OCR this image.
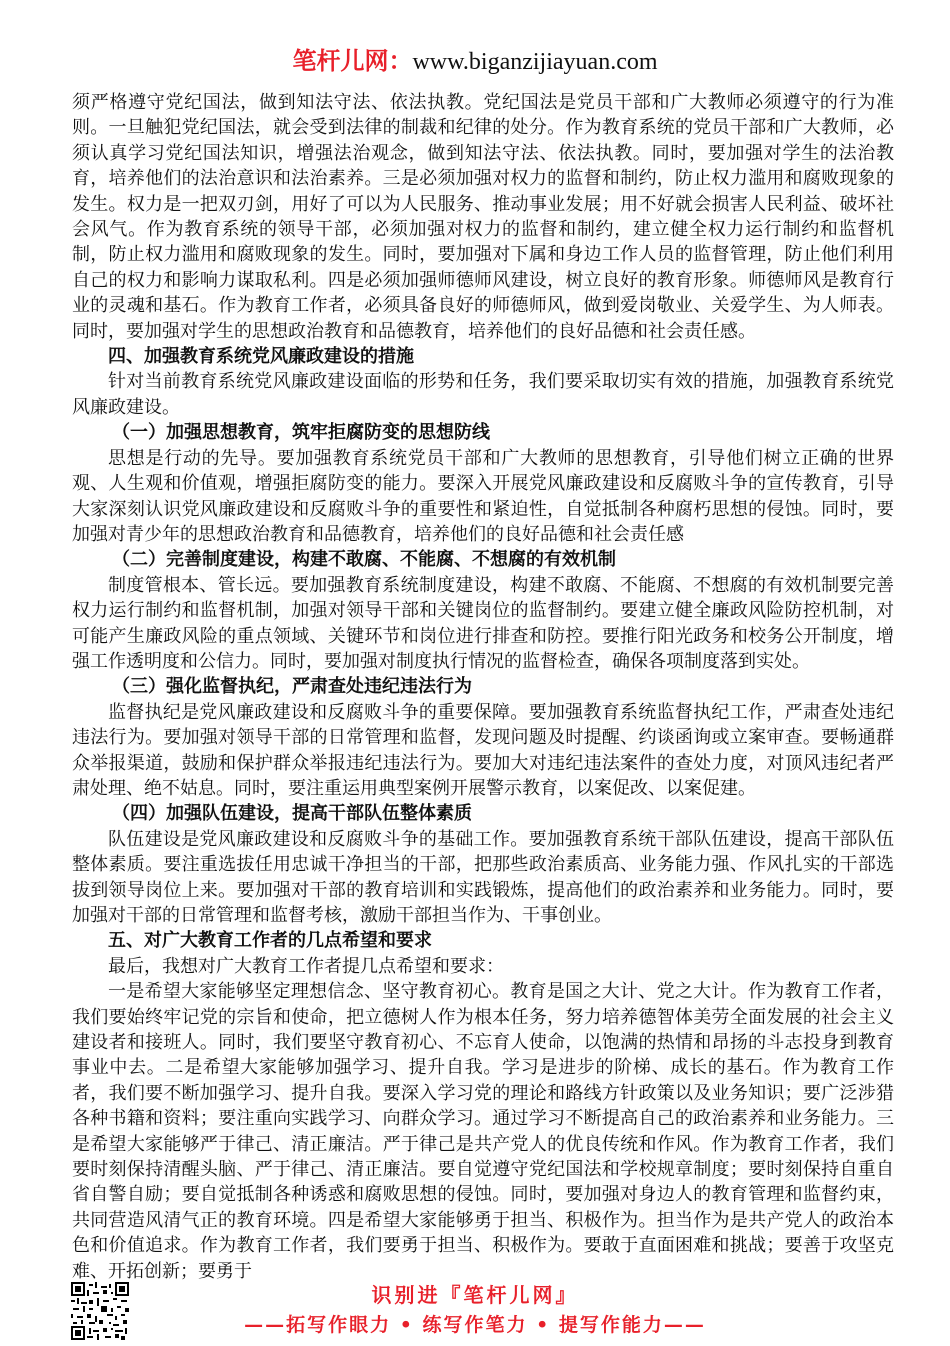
笔杆儿网：www.biganzijiayuan.com

须严格遵守党纪国法，做到知法守法、依法执教。党纪国法是党员干部和广大教师必须遵守的行为准则。一旦触犯党纪国法，就会受到法律的制裁和纪律的处分。作为教育系统的党员干部和广大教师，必须认真学习党纪国法知识，增强法治观念，做到知法守法、依法执教。同时，要加强对学生的法治教育，培养他们的法治意识和法治素养。三是必须加强对权力的监督和制约，防止权力滥用和腐败现象的发生。权力是一把双刃剑，用好了可以为人民服务、推动事业发展；用不好就会损害人民利益、破坏社会风气。作为教育系统的领导干部，必须加强对权力的监督和制约，建立健全权力运行制约和监督机制，防止权力滥用和腐败现象的发生。同时，要加强对下属和身边工作人员的监督管理，防止他们利用自己的权力和影响力谋取私利。四是必须加强师德师风建设，树立良好的教育形象。师德师风是教育行业的灵魂和基石。作为教育工作者，必须具备良好的师德师风，做到爱岗敬业、关爱学生、为人师表。同时，要加强对学生的思想政治教育和品德教育，培养他们的良好品德和社会责任感。

四、加强教育系统党风廉政建设的措施

针对当前教育系统党风廉政建设面临的形势和任务，我们要采取切实有效的措施，加强教育系统党风廉政建设。

（一）加强思想教育，筑牢拒腐防变的思想防线

思想是行动的先导。要加强教育系统党员干部和广大教师的思想教育，引导他们树立正确的世界观、人生观和价值观，增强拒腐防变的能力。要深入开展党风廉政建设和反腐败斗争的宣传教育，引导大家深刻认识党风廉政建设和反腐败斗争的重要性和紧迫性，自觉抵制各种腐朽思想的侵蚀。同时，要加强对青少年的思想政治教育和品德教育，培养他们的良好品德和社会责任感

（二）完善制度建设，构建不敢腐、不能腐、不想腐的有效机制

制度管根本、管长远。要加强教育系统制度建设，构建不敢腐、不能腐、不想腐的有效机制要完善权力运行制约和监督机制，加强对领导干部和关键岗位的监督制约。要建立健全廉政风险防控机制，对可能产生廉政风险的重点领域、关键环节和岗位进行排查和防控。要推行阳光政务和校务公开制度，增强工作透明度和公信力。同时，要加强对制度执行情况的监督检查，确保各项制度落到实处。

（三）强化监督执纪，严肃查处违纪违法行为

监督执纪是党风廉政建设和反腐败斗争的重要保障。要加强教育系统监督执纪工作，严肃查处违纪违法行为。要加强对领导干部的日常管理和监督，发现问题及时提醒、约谈函询或立案审查。要畅通群众举报渠道，鼓励和保护群众举报违纪违法行为。要加大对违纪违法案件的查处力度，对顶风违纪者严肃处理、绝不姑息。同时，要注重运用典型案例开展警示教育，以案促改、以案促建。

（四）加强队伍建设，提高干部队伍整体素质

队伍建设是党风廉政建设和反腐败斗争的基础工作。要加强教育系统干部队伍建设，提高干部队伍整体素质。要注重选拔任用忠诚干净担当的干部，把那些政治素质高、业务能力强、作风扎实的干部选拔到领导岗位上来。要加强对干部的教育培训和实践锻炼，提高他们的政治素养和业务能力。同时，要加强对干部的日常管理和监督考核，激励干部担当作为、干事创业。

五、对广大教育工作者的几点希望和要求

最后，我想对广大教育工作者提几点希望和要求：

一是希望大家能够坚定理想信念、坚守教育初心。教育是国之大计、党之大计。作为教育工作者，我们要始终牢记党的宗旨和使命，把立德树人作为根本任务，努力培养德智体美劳全面发展的社会主义建设者和接班人。同时，我们要坚守教育初心、不忘育人使命，以饱满的热情和昂扬的斗志投身到教育事业中去。二是希望大家能够加强学习、提升自我。学习是进步的阶梯、成长的基石。作为教育工作者，我们要不断加强学习、提升自我。要深入学习党的理论和路线方针政策以及业务知识；要广泛涉猎各种书籍和资料；要注重向实践学习、向群众学习。通过学习不断提高自己的政治素养和业务能力。三是希望大家能够严于律己、清正廉洁。严于律己是共产党人的优良传统和作风。作为教育工作者，我们要时刻保持清醒头脑、严于律己、清正廉洁。要自觉遵守党纪国法和学校规章制度；要时刻保持自重自省自警自励；要自觉抵制各种诱惑和腐败思想的侵蚀。同时，要加强对身边人的教育管理和监督约束，共同营造风清气正的教育环境。四是希望大家能够勇于担当、积极作为。担当作为是共产党人的政治本色和价值追求。作为教育工作者，我们要勇于担当、积极作为。要敢于直面困难和挑战；要善于攻坚克难、开拓创新；要勇于

识别进『笔杆儿网』
——拓写作眼力 • 练写作笔力 • 提写作能力——
